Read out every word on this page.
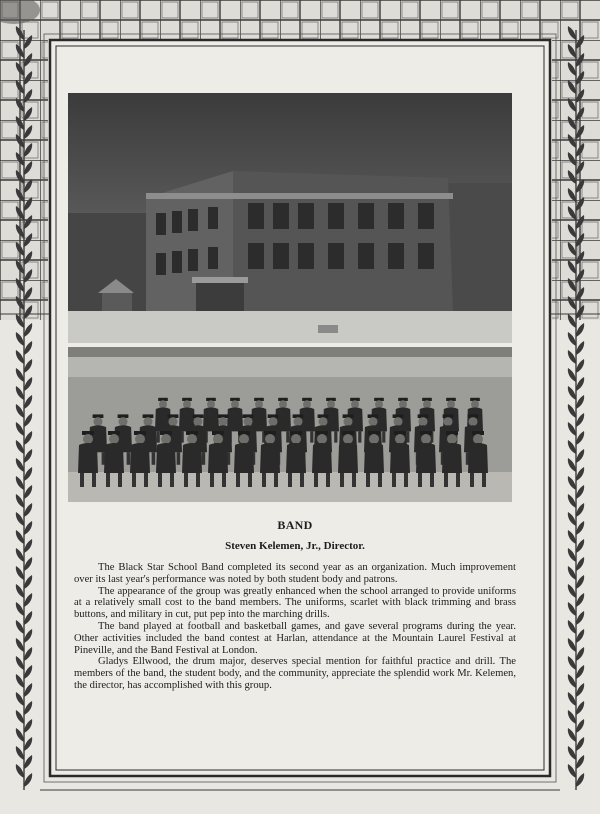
BAND

Steven Kelemen, Jr., Director.

The Black Star School Band completed its second year as an organization. Much improvement over its last year's performance was noted by both student body and patrons.

The appearance of the group was greatly enhanced when the school arranged to provide uniforms at a relatively small cost to the band members. The uniforms, scarlet with black trimming and brass buttons, and military in cut, put pep into the marching drills.

The band played at football and basketball games, and gave several programs during the year. Other activities included the band contest at Harlan, attendance at the Mountain Laurel Festival at Pineville, and the Band Festival at London.

Gladys Ellwood, the drum major, deserves special mention for faithful practice and drill. The members of the band, the student body, and the community, appreciate the splendid work Mr. Kelemen, the director, has accomplished with this group.
